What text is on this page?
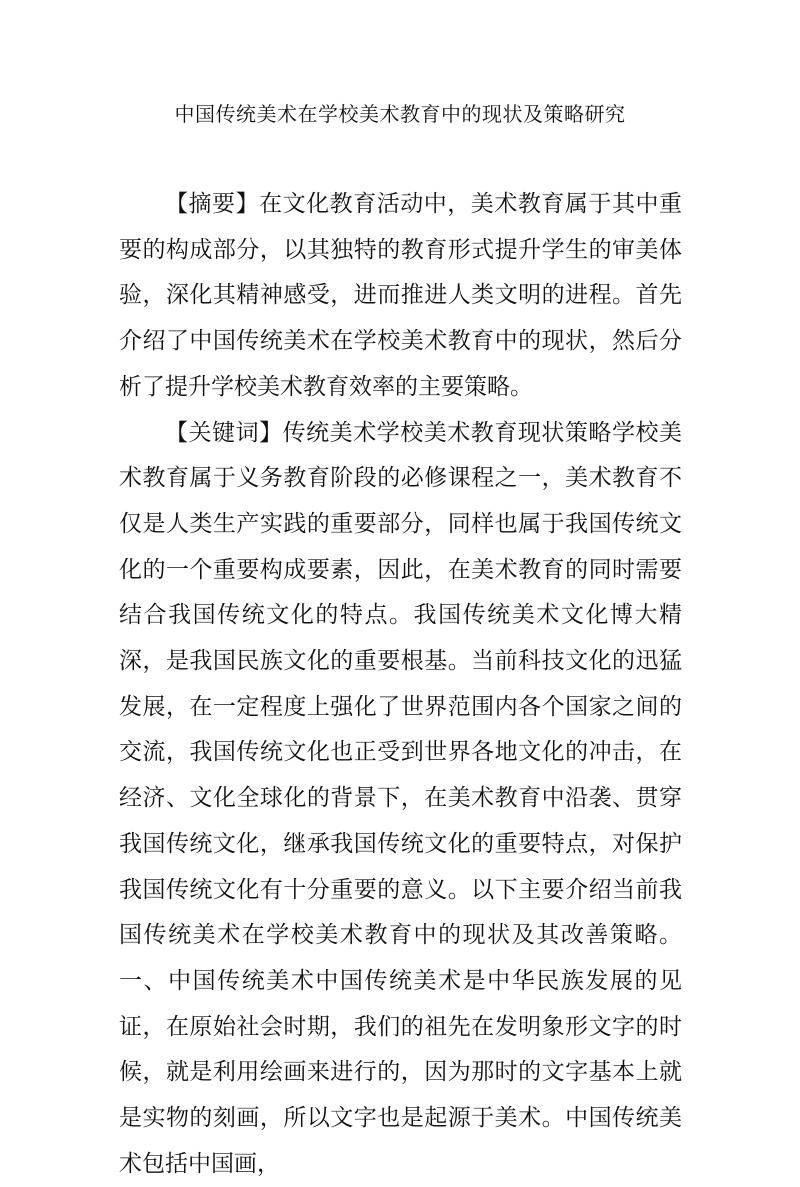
中国传统美术在学校美术教育中的现状及策略研究

【摘要】在文化教育活动中，美术教育属于其中重要的构成部分，以其独特的教育形式提升学生的审美体验，深化其精神感受，进而推进人类文明的进程。首先介绍了中国传统美术在学校美术教育中的现状，然后分析了提升学校美术教育效率的主要策略。

【关键词】传统美术学校美术教育现状策略学校美术教育属于义务教育阶段的必修课程之一，美术教育不仅是人类生产实践的重要部分，同样也属于我国传统文化的一个重要构成要素，因此，在美术教育的同时需要结合我国传统文化的特点。我国传统美术文化博大精深，是我国民族文化的重要根基。当前科技文化的迅猛发展，在一定程度上强化了世界范围内各个国家之间的交流，我国传统文化也正受到世界各地文化的冲击，在经济、文化全球化的背景下，在美术教育中沿袭、贯穿我国传统文化，继承我国传统文化的重要特点，对保护我国传统文化有十分重要的意义。以下主要介绍当前我国传统美术在学校美术教育中的现状及其改善策略。一、中国传统美术中国传统美术是中华民族发展的见证，在原始社会时期，我们的祖先在发明象形文字的时候，就是利用绘画来进行的，因为那时的文字基本上就是实物的刻画，所以文字也是起源于美术。中国传统美术包括中国画，
